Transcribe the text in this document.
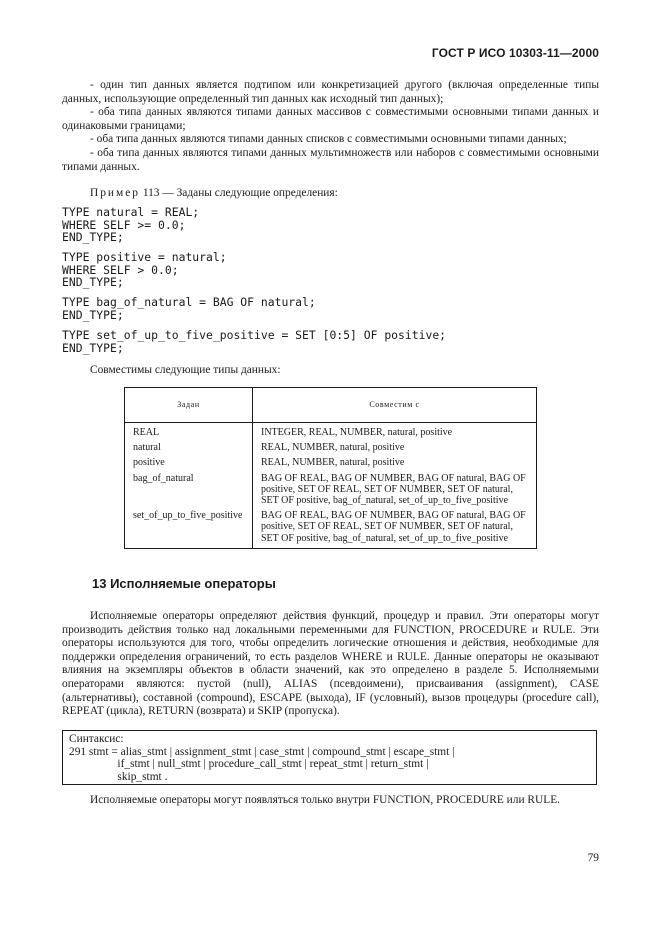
ГОСТ Р ИСО 10303-11—2000

- один тип данных является подтипом или конкретизацией другого (включая определенные типы данных, использующие определенный тип данных как исходный тип данных);

- оба типа данных являются типами данных массивов с совместимыми основными типами данных и одинаковыми границами;

- оба типа данных являются типами данных списков с совместимыми основными типами данных;

- оба типа данных являются типами данных мультимножеств или наборов с совместимыми основными типами данных.

Пример 113 — Заданы следующие определения:

TYPE natural = REAL;
WHERE SELF >= 0.0;
END_TYPE;
TYPE positive = natural;
WHERE SELF > 0.0;
END_TYPE;
TYPE bag_of_natural = BAG OF natural;
END_TYPE;
TYPE set_of_up_to_five_positive = SET [0:5] OF positive;
END_TYPE;

Совместимы следующие типы данных:

Задан	Совместим с
REAL	INTEGER, REAL, NUMBER, natural, positive
natural	REAL, NUMBER, natural, positive
positive	REAL, NUMBER, natural, positive
bag_of_natural	BAG OF REAL, BAG OF NUMBER, BAG OF natural, BAG OF positive, SET OF REAL, SET OF NUMBER, SET OF natural, SET OF positive, bag_of_natural, set_of_up_to_five_positive
set_of_up_to_five_positive	BAG OF REAL, BAG OF NUMBER, BAG OF natural, BAG OF positive, SET OF REAL, SET OF NUMBER, SET OF natural, SET OF positive, bag_of_natural, set_of_up_to_five_positive
13 Исполняемые операторы

Исполняемые операторы определяют действия функций, процедур и правил. Эти операторы могут производить действия только над локальными переменными для FUNCTION, PROCEDURE и RULE. Эти операторы используются для того, чтобы определить логические отношения и действия, необходимые для поддержки определения ограничений, то есть разделов WHERE и RULE. Данные операторы не оказывают влияния на экземпляры объектов в области значений, как это определено в разделе 5. Исполняемыми операторами являются: пустой (null), ALIAS (псевдоимени), присваивания (assignment), CASE (альтернативы), составной (compound), ESCAPE (выхода), IF (условный), вызов процедуры (procedure call), REPEAT (цикла), RETURN (возврата) и SKIP (пропуска).

Синтаксис:
291 stmt = alias_stmt | assignment_stmt | case_stmt | compound_stmt | escape_stmt |
if_stmt | null_stmt | procedure_call_stmt | repeat_stmt | return_stmt |
skip_stmt .

Исполняемые операторы могут появляться только внутри FUNCTION, PROCEDURE или RULE.

79
